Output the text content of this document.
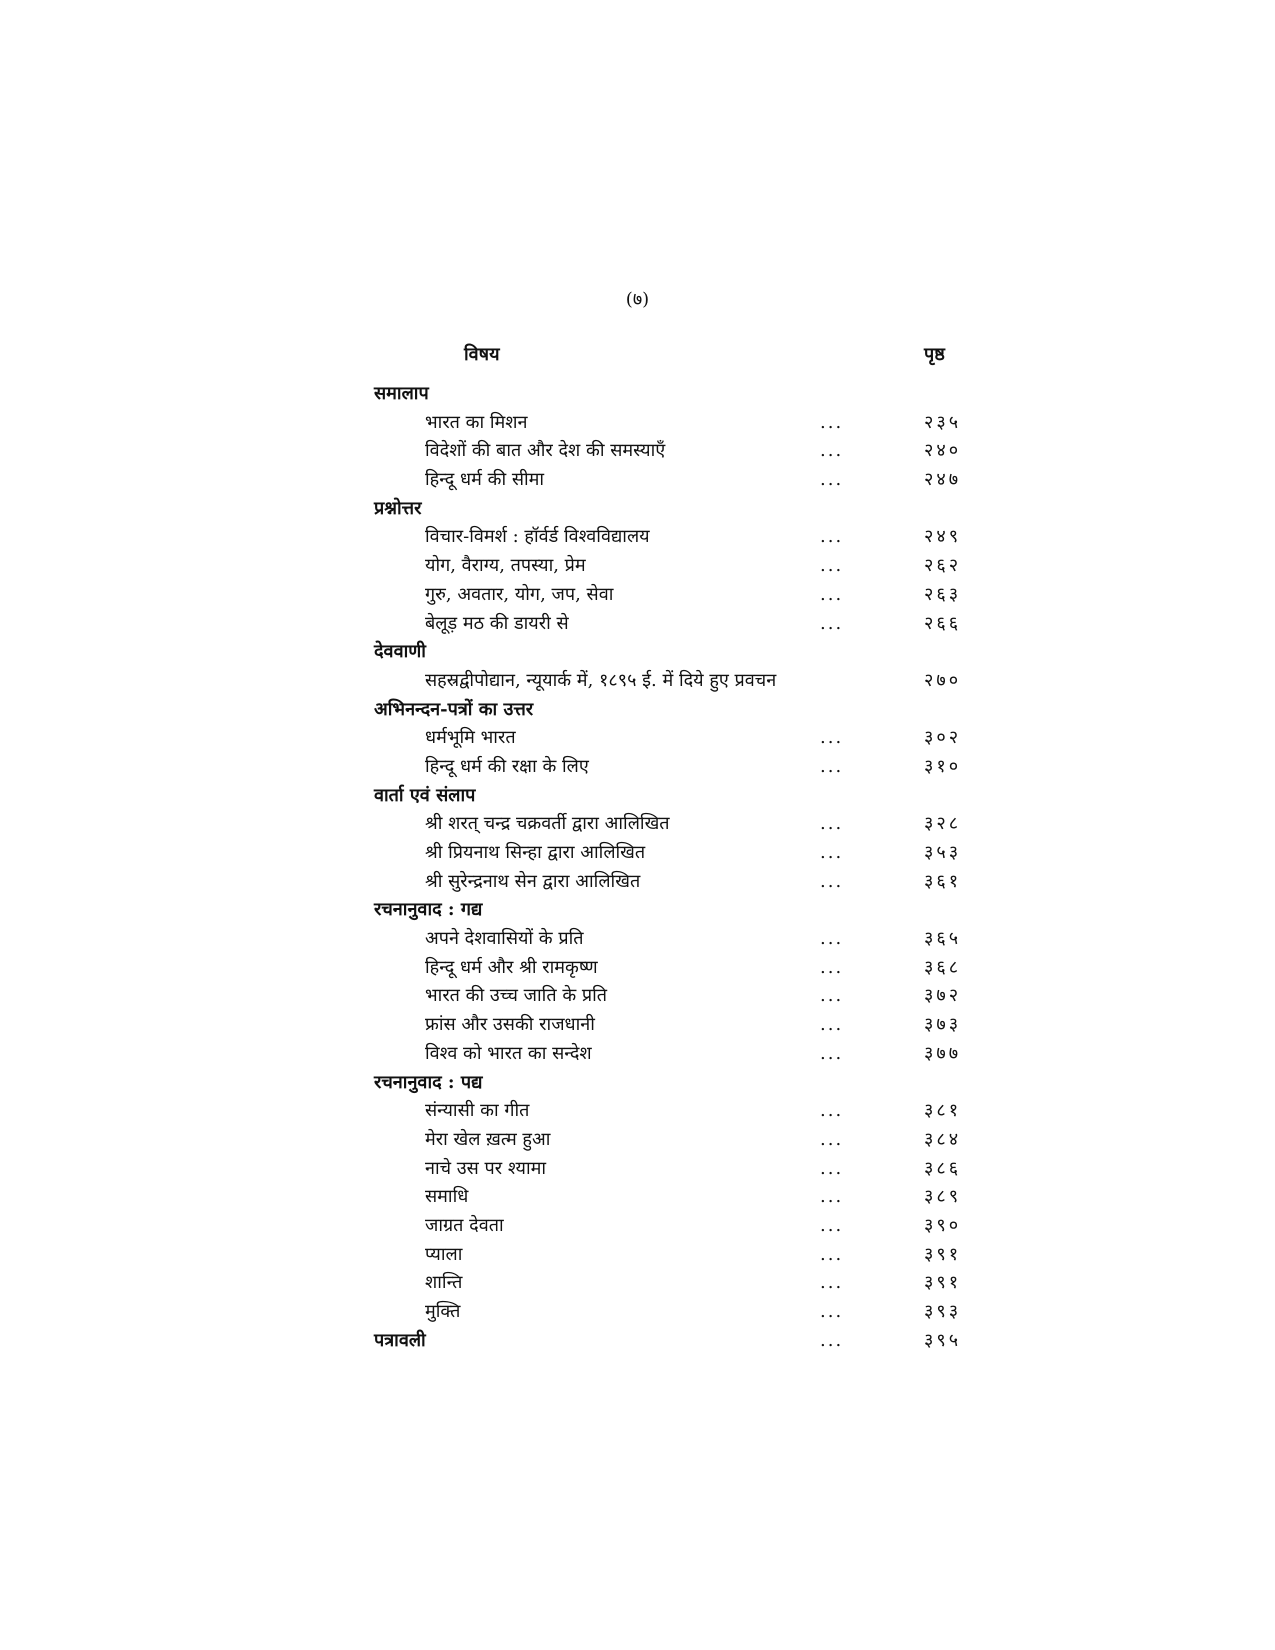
(७)
विषय	पृष्ठ
समालाप
भारत का मिशन	...	२३५
विदेशों की बात और देश की समस्याएँ	...	२४०
हिन्दू धर्म की सीमा	...	२४७
प्रश्नोत्तर
विचार-विमर्श : हॉर्वर्ड विश्वविद्यालय	...	२४९
योग, वैराग्य, तपस्या, प्रेम	...	२६२
गुरु, अवतार, योग, जप, सेवा	...	२६३
बेलूड़ मठ की डायरी से	...	२६६
देववाणी
सहस्रद्वीपोद्यान, न्यूयार्क में, १८९५ ई. में दिये हुए प्रवचन	२७०
अभिनन्दन-पत्रों का उत्तर
धर्मभूमि भारत	...	३०२
हिन्दू धर्म की रक्षा के लिए	...	३१०
वार्ता एवं संलाप
श्री शरत् चन्द्र चक्रवर्ती द्वारा आलिखित	...	३२८
श्री प्रियनाथ सिन्हा द्वारा आलिखित	...	३५३
श्री सुरेन्द्रनाथ सेन द्वारा आलिखित	...	३६१
रचनानुवाद : गद्य
अपने देशवासियों के प्रति	...	३६५
हिन्दू धर्म और श्री रामकृष्ण	...	३६८
भारत की उच्च जाति के प्रति	...	३७२
फ्रांस और उसकी राजधानी	...	३७३
विश्व को भारत का सन्देश	...	३७७
रचनानुवाद : पद्य
संन्यासी का गीत	...	३८१
मेरा खेल ख़त्म हुआ	...	३८४
नाचे उस पर श्यामा	...	३८६
समाधि	...	३८९
जाग्रत देवता	...	३९०
प्याला	...	३९१
शान्ति	...	३९१
मुक्ति	...	३९३
पत्रावली	...	३९५
